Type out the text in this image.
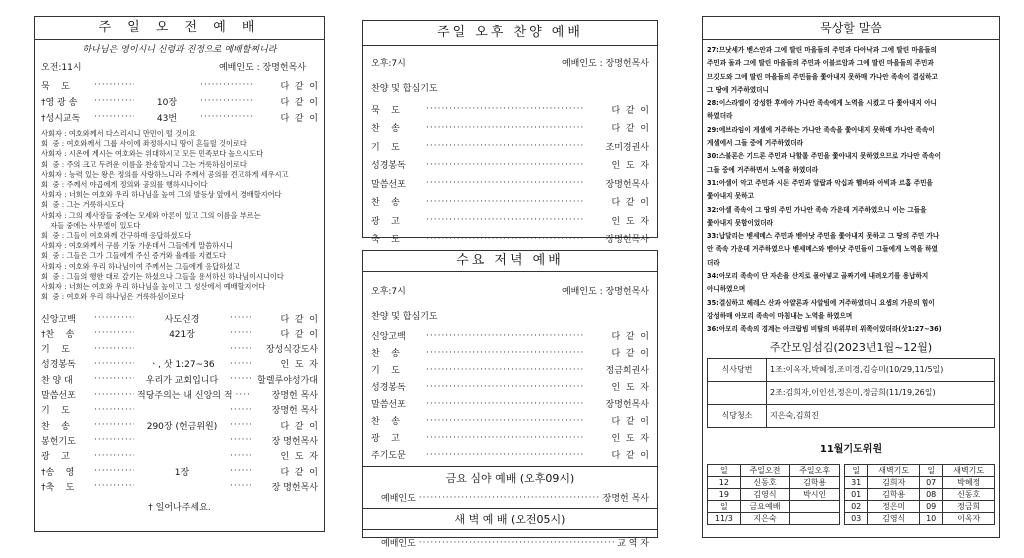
주 일 오 전 예 배
하나님은 영이시니 신령과 진정으로 예배할찌니라
오전:11시	예배인도 : 장명헌목사
묵    도 ····· ·····	다  같  이
†영 광 송 ·····	10장 ·····	다  같  이
†성시교독 ·····	43번 ·····	다  같  이
사회자 : 여호와께서 다스리시니 만민이 떨 것이요
회  중 : 여호와께서 그룹 사이에 좌정하시니 땅이 흔들릴 것이로다
사회자 : 시온에 계시는 여호와는 위대하시고 모든 민족보다 높으시도다
회  중 : 주의 크고 두려운 이름을 찬송할지니 그는 거룩하심이로다
사회자 : 능력 있는 왕은 정의를 사랑하느니라 주께서 공의를 견고하게 세우시고
회  중 : 주께서 야곱에게 정의와 공의를 행하시나이다
사회자 : 너희는 여호와 우리 하나님을 높여 그의 발등상 앞에서 경배할지어다
회  중 : 그는 거룩하시도다
사회자 : 그의 제사장들 중에는 모세와 아론이 있고 그의 이름을 부르는
자들 중에는 사무엘이 있도다
회  중 : 그들이 여호와께 간구하매 응답하셨도다
사회자 : 여호와께서 구름 기둥 가운데서 그들에게 말씀하시니
회  중 : 그들은 그가 그들에게 주신 증거와 율례를 지켰도다
사회자 : 여호와 우리 하나님이여 주께서는 그들에게 응답하셨고
회  중 : 그들의 행한 대로 갚기는 하셨으나 그들을 용서하신 하나님이시니이다
사회자 : 너희는 여호와 우리 하나님을 높이고 그 성산에서 예배할지어다
회  중 : 여호와 우리 하나님은 거룩하심이로다
신앙고백 ·····	사도신경 ·····	다  같  이
†찬    송 ·····	421장 ·····	다  같  이
기    도 ····· ·····	장성식강도사
성경봉독 ·····	ㆍ, 삿 1:27~36 ·····	인  도  자
찬 양 대 ·····	우리가 교회입니다 ·····	할렐루야성가대
말씀선포 ·····	적당주의는 내 신앙의 적 ·····	장명헌 목사
기    도 ····· ·····	장명헌 목사
찬    송 ·····	290장 (헌금위원) ·····	다  같  이
봉헌기도 ····· ·····	장 명헌목사
광    고 ····· ·····	인  도  자
†송    영 ·····	1장 ·····	다  같  이
†축    도 ····· ·····	장 명헌목사
† 일어나주세요.
주일 오후 찬양 예배
오후:7시	예배인도 : 장명헌목사
찬양 및 합심기도
묵    도 ·····	다  같  이
찬    송 ·····	다  같  이
기    도 ·····	조미경권사
성경봉독 ·····	인  도  자
말씀선포 ·····	장명헌목사
찬    송 ·····	다  같  이
광    고 ·····	인  도  자
축    도 ·····	장명헌목사
수요 저녁 예배
오후:7시	예배인도 : 장명헌목사
찬양 및 합심기도
신앙고백 ·····	다  같  이
찬    송 ·····	다  같  이
기    도 ·····	정금희권사
성경봉독 ·····	인  도  자
말씀선포 ·····	장명헌목사
찬    송 ·····	다  같  이
광    고 ·····	인  도  자
주기도문 ·····	다  같  이
금요 심야 예배 (오후09시)
예배인도 ·····	장명헌 목사
새 벽 예 배 (오전05시)
예배인도 ·····	교 역 자
묵상할 말씀
27:므낫세가 벧스안과 그에 딸린 마을들의 주민과 다아낙과 그에 딸린 마을들의
주민과 돌과 그에 딸린 마을들의 주민과 이블르암과 그에 딸린 마을들의 주민과
므깃도와 그에 딸린 마을들의 주민들을 쫓아내지 못하매 가나안 족속이 결심하고
그 땅에 거주하였더니
28:이스라엘이 강성한 후에야 가나안 족속에게 노역을 시켰고 다 쫓아내지 아니
하였더라
29:에브라임이 게셀에 거주하는 가나안 족속을 쫓아내지 못하매 가나안 족속이
게셀에서 그들 중에 거주하였더라
30:스불론은 기드론 주민과 나할롤 주민을 쫓아내지 못하였으므로 가나안 족속이
그들 중에 거주하면서 노역을 하였더라
31:아셀이 악고 주민과 시돈 주민과 알랍과 악십과 헬바와 아빅과 르홉 주민을
쫓아내지 못하고
32:아셀 족속이 그 땅의 주민 가나안 족속 가운데 거주하였으니 이는 그들을
쫓아내지 못함이었더라
33:납달리는 벧세메스 주민과 벧아낫 주민을 쫓아내지 못하고 그 땅의 주민 가나
안 족속 가운데 거주하였으나 벧세메스와 벧아낫 주민들이 그들에게 노역을 하였
더라
34:아모리 족속이 단 자손을 산지로 몰아넣고 골짜기에 내려오기를 용납하지
아니하였으며
35:결심하고 헤레스 산과 아얄론과 사알빔에 거주하였더니 요셉의 가문의 힘이
강성하매 아모리 족속이 마침내는 노역을 하였으며
36:아모리 족속의 경계는 아크랍빔 비탈의 바위부터 위쪽이었더라(삿1:27~36)
주간모임섬김(2023년1월~12월)
식사당번	1조:이옥자,박혜정,조미경,김승미(10/29,11/5일)
	2조:김희자,이인선,정은미,정금희(11/19,26일)
식당청소	지은숙,김희진
11월기도위원
일	주일오전	주일오후
12	신동호	김학용
19	김영식	박시인
일	금요예배	
11/3	지은숙	
일	새벽기도	일	새벽기도
31	김희자	07	박혜정
01	김학용	08	신동호
02	정은미	09	정금희
03	김영식	10	이옥자
